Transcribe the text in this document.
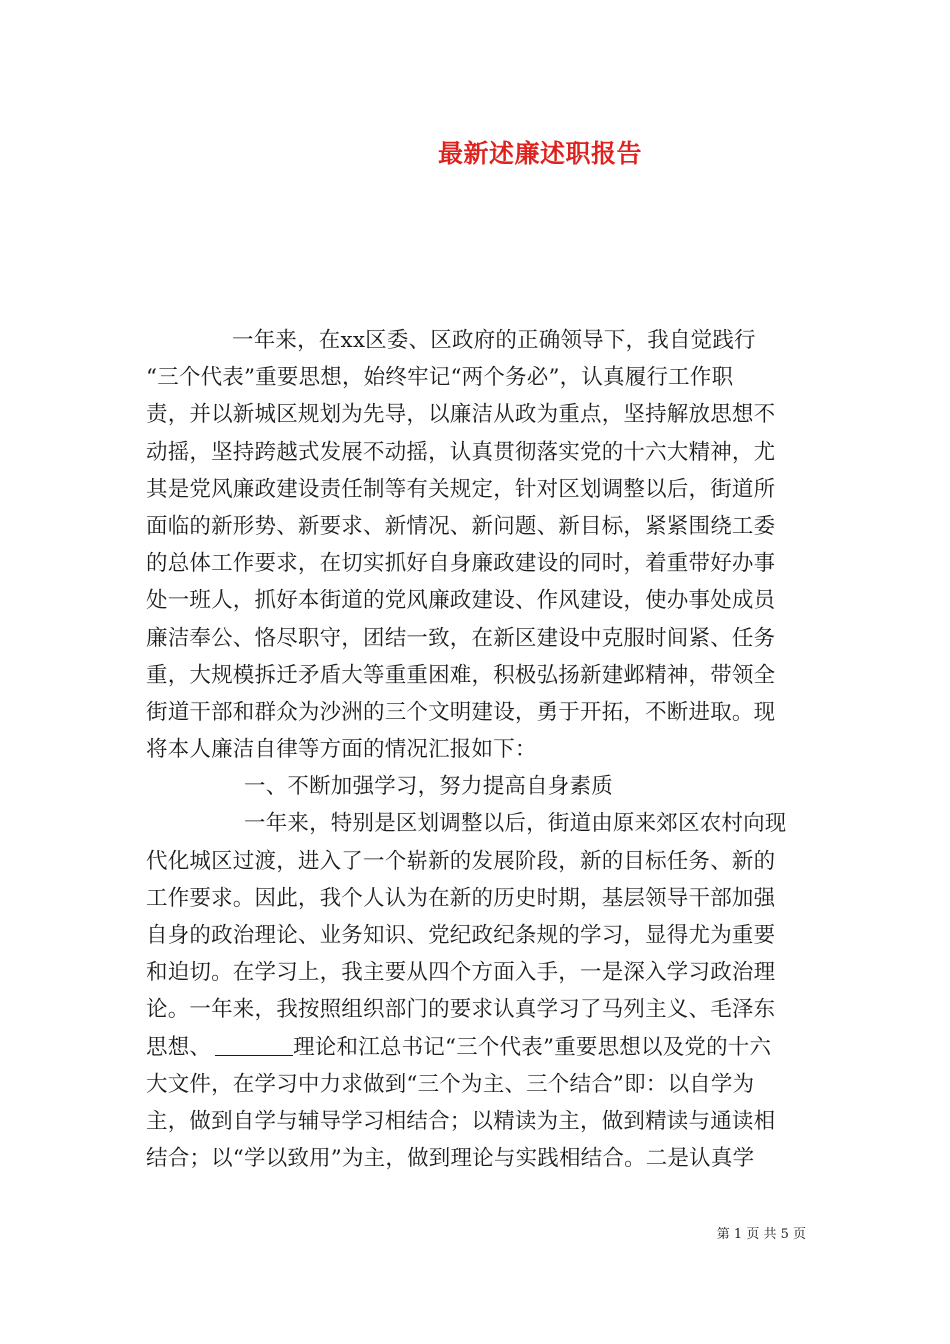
最新述廉述职报告
一年来，在xx区委、区政府的正确领导下，我自觉践行
“三个代表”重要思想，始终牢记“两个务必”，认真履行工作职
责，并以新城区规划为先导，以廉洁从政为重点，坚持解放思想不
动摇，坚持跨越式发展不动摇，认真贯彻落实党的十六大精神，尤
其是党风廉政建设责任制等有关规定，针对区划调整以后，街道所
面临的新形势、新要求、新情况、新问题、新目标，紧紧围绕工委
的总体工作要求，在切实抓好自身廉政建设的同时，着重带好办事
处一班人，抓好本街道的党风廉政建设、作风建设，使办事处成员
廉洁奉公、恪尽职守，团结一致，在新区建设中克服时间紧、任务
重，大规模拆迁矛盾大等重重困难，积极弘扬新建邺精神，带领全
街道干部和群众为沙洲的三个文明建设，勇于开拓，不断进取。现
将本人廉洁自律等方面的情况汇报如下：
一、不断加强学习，努力提高自身素质
一年来，特别是区划调整以后，街道由原来郊区农村向现
代化城区过渡，进入了一个崭新的发展阶段，新的目标任务、新的
工作要求。因此，我个人认为在新的历史时期，基层领导干部加强
自身的政治理论、业务知识、党纪政纪条规的学习，显得尤为重要
和迫切。在学习上，我主要从四个方面入手，一是深入学习政治理
论。一年来，我按照组织部门的要求认真学习了马列主义、毛泽东
思想、	理论和江总书记“三个代表”重要思想以及党的十六
大文件，在学习中力求做到“三个为主、三个结合”即：以自学为
主，做到自学与辅导学习相结合；以精读为主，做到精读与通读相
结合；以“学以致用”为主，做到理论与实践相结合。二是认真学
第 1 页 共 5 页
